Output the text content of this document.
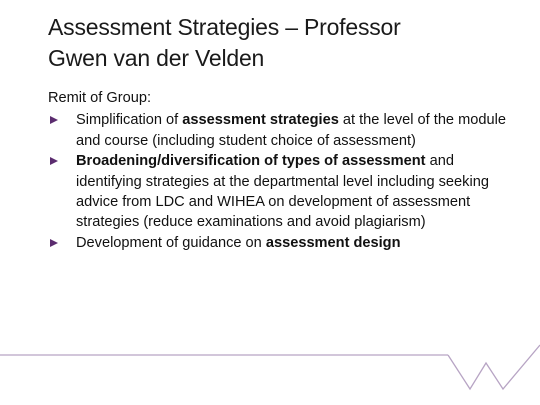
Assessment Strategies – Professor
Gwen van der Velden

Remit of Group:

Simplification of assessment strategies at the level of the module and course (including student choice of assessment)
Broadening/diversification of types of assessment and identifying strategies at the departmental level including seeking advice from LDC and WIHEA on development of assessment strategies (reduce examinations and avoid plagiarism)
Development of guidance on assessment design
